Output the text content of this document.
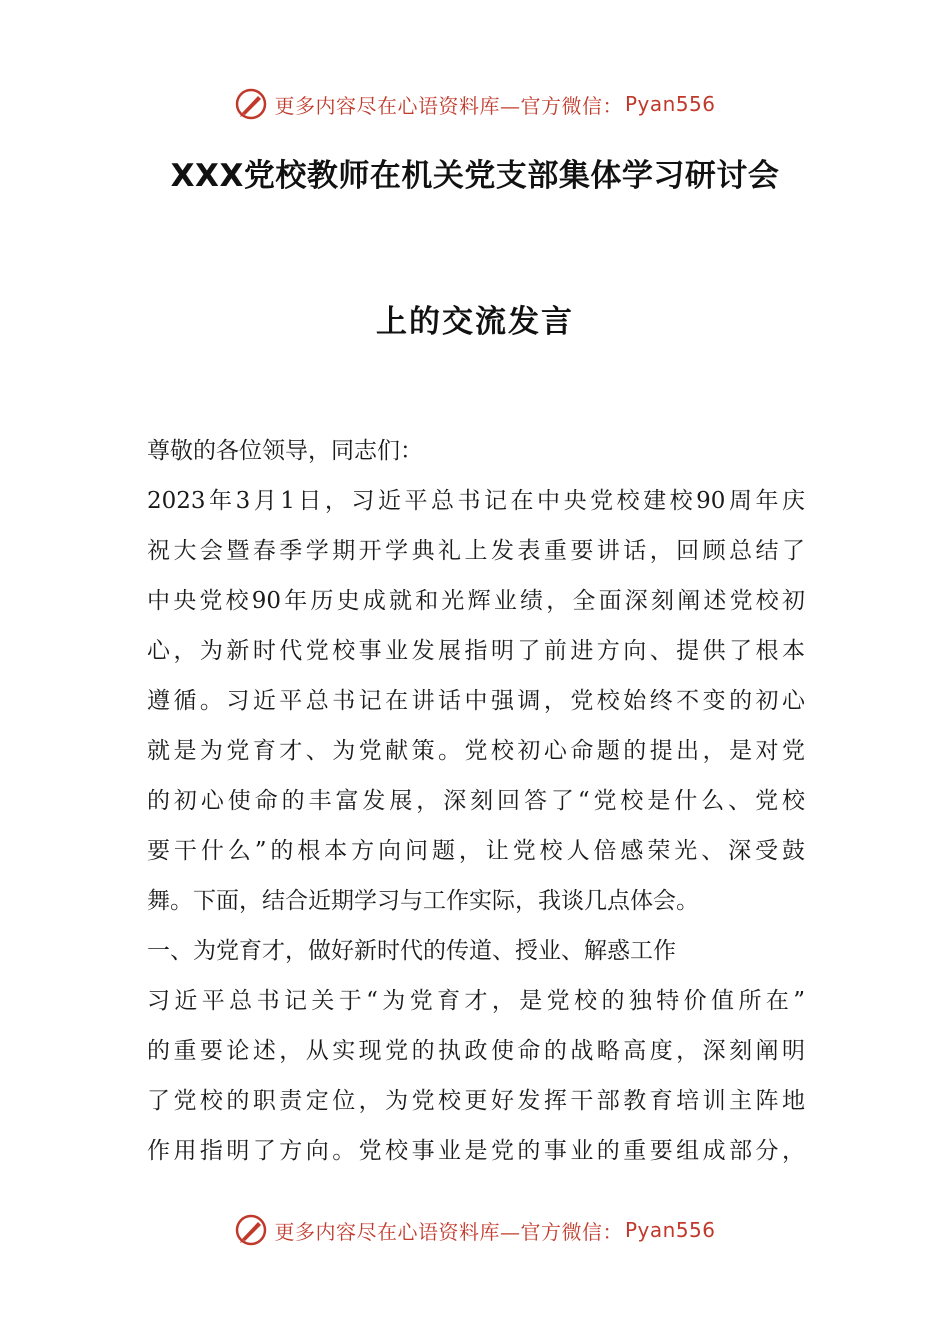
更多内容尽在心语资料库—官方微信： Pyan556
XXX党校教师在机关党支部集体学习研讨会
上的交流发言
尊敬的各位领导，同志们：
2023年3月1日，习近平总书记在中央党校建校90周年庆
祝大会暨春季学期开学典礼上发表重要讲话，回顾总结了
中央党校90年历史成就和光辉业绩，全面深刻阐述党校初
心，为新时代党校事业发展指明了前进方向、提供了根本
遵循。习近平总书记在讲话中强调，党校始终不变的初心
就是为党育才、为党献策。党校初心命题的提出，是对党
的初心使命的丰富发展，深刻回答了“党校是什么、党校
要干什么”的根本方向问题，让党校人倍感荣光、深受鼓
舞。下面，结合近期学习与工作实际，我谈几点体会。
一、为党育才，做好新时代的传道、授业、解惑工作
习近平总书记关于“为党育才，是党校的独特价值所在”
的重要论述，从实现党的执政使命的战略高度，深刻阐明
了党校的职责定位，为党校更好发挥干部教育培训主阵地
作用指明了方向。党校事业是党的事业的重要组成部分，
更多内容尽在心语资料库—官方微信： Pyan556
